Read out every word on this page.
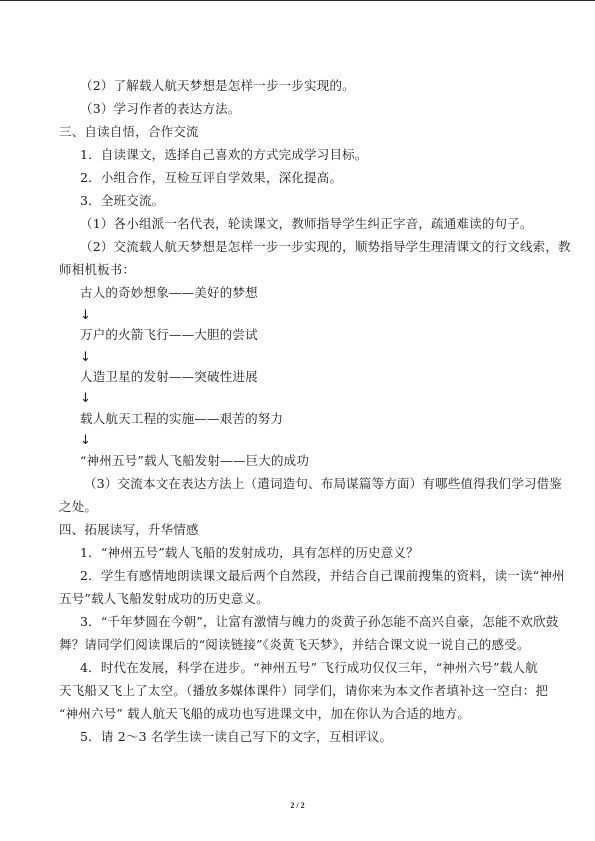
（2）了解载人航天梦想是怎样一步一步实现的。
（3）学习作者的表达方法。
三、自读自悟，合作交流
1．自读课文，选择自己喜欢的方式完成学习目标。
2．小组合作，互检互评自学效果，深化提高。
3．全班交流。
（1）各小组派一名代表，轮读课文，教师指导学生纠正字音，疏通难读的句子。
（2）交流载人航天梦想是怎样一步一步实现的，顺势指导学生理清课文的行文线索，教
师相机板书：
古人的奇妙想象——美好的梦想
↓
万户的火箭飞行——大胆的尝试
↓
人造卫星的发射——突破性进展
↓
载人航天工程的实施——艰苦的努力
↓
“神州五号”载人飞船发射——巨大的成功
（3）交流本文在表达方法上（遣词造句、布局谋篇等方面）有哪些值得我们学习借鉴
之处。
四、拓展读写，升华情感
1．“神州五号”载人飞船的发射成功，具有怎样的历史意义？
2．学生有感情地朗读课文最后两个自然段，并结合自己课前搜集的资料，读一读“神州
五号”载人飞船发射成功的历史意义。
3．“千年梦圆在今朝”，让富有激情与魄力的炎黄子孙怎能不高兴自豪，怎能不欢欣鼓
舞？请同学们阅读课后的“阅读链接”《炎黄飞天梦》，并结合课文说一说自己的感受。
4．时代在发展，科学在进步。“神州五号” 飞行成功仅仅三年，“神州六号”载人航
天飞船又飞上了太空。（播放多媒体课件）同学们，请你来为本文作者填补这一空白：把
“神州六号” 载人航天飞船的成功也写进课文中，加在你认为合适的地方。
5．请 2～3 名学生读一读自己写下的文字，互相评议。
2 / 2
